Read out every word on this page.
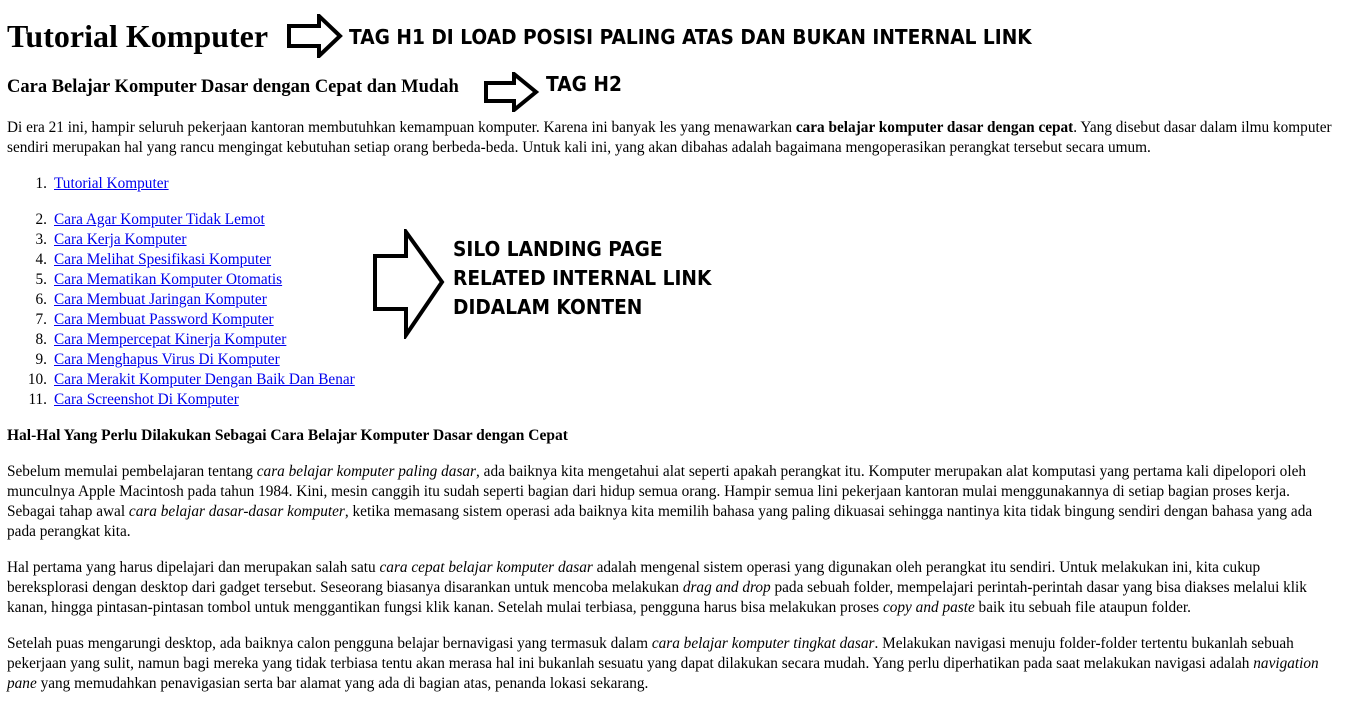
Tutorial Komputer
Cara Belajar Komputer Dasar dengan Cepat dan Mudah

Di era 21 ini, hampir seluruh pekerjaan kantoran membutuhkan kemampuan komputer. Karena ini banyak les yang menawarkan cara belajar komputer dasar dengan cepat. Yang disebut dasar dalam ilmu komputer sendiri merupakan hal yang rancu mengingat kebutuhan setiap orang berbeda-beda. Untuk kali ini, yang akan dibahas adalah bagaimana mengoperasikan perangkat tersebut secara umum.

1. Tutorial Komputer
2. Cara Agar Komputer Tidak Lemot
3. Cara Kerja Komputer
4. Cara Melihat Spesifikasi Komputer
5. Cara Mematikan Komputer Otomatis
6. Cara Membuat Jaringan Komputer
7. Cara Membuat Password Komputer
8. Cara Mempercepat Kinerja Komputer
9. Cara Menghapus Virus Di Komputer
10. Cara Merakit Komputer Dengan Baik Dan Benar
11. Cara Screenshot Di Komputer
Hal-Hal Yang Perlu Dilakukan Sebagai Cara Belajar Komputer Dasar dengan Cepat

Sebelum memulai pembelajaran tentang cara belajar komputer paling dasar, ada baiknya kita mengetahui alat seperti apakah perangkat itu. Komputer merupakan alat komputasi yang pertama kali dipelopori oleh munculnya Apple Macintosh pada tahun 1984. Kini, mesin canggih itu sudah seperti bagian dari hidup semua orang. Hampir semua lini pekerjaan kantoran mulai menggunakannya di setiap bagian proses kerja. Sebagai tahap awal cara belajar dasar-dasar komputer, ketika memasang sistem operasi ada baiknya kita memilih bahasa yang paling dikuasai sehingga nantinya kita tidak bingung sendiri dengan bahasa yang ada pada perangkat kita.

Hal pertama yang harus dipelajari dan merupakan salah satu cara cepat belajar komputer dasar adalah mengenal sistem operasi yang digunakan oleh perangkat itu sendiri. Untuk melakukan ini, kita cukup bereksplorasi dengan desktop dari gadget tersebut. Seseorang biasanya disarankan untuk mencoba melakukan drag and drop pada sebuah folder, mempelajari perintah-perintah dasar yang bisa diakses melalui klik kanan, hingga pintasan-pintasan tombol untuk menggantikan fungsi klik kanan. Setelah mulai terbiasa, pengguna harus bisa melakukan proses copy and paste baik itu sebuah file ataupun folder.

Setelah puas mengarungi desktop, ada baiknya calon pengguna belajar bernavigasi yang termasuk dalam cara belajar komputer tingkat dasar. Melakukan navigasi menuju folder-folder tertentu bukanlah sebuah pekerjaan yang sulit, namun bagi mereka yang tidak terbiasa tentu akan merasa hal ini bukanlah sesuatu yang dapat dilakukan secara mudah. Yang perlu diperhatikan pada saat melakukan navigasi adalah navigation pane yang memudahkan penavigasian serta bar alamat yang ada di bagian atas, penanda lokasi sekarang.

TAG H1 DI LOAD POSISI PALING ATAS DAN BUKAN INTERNAL LINK
TAG H2
SILO LANDING PAGE
RELATED INTERNAL LINK
DIDALAM KONTEN
